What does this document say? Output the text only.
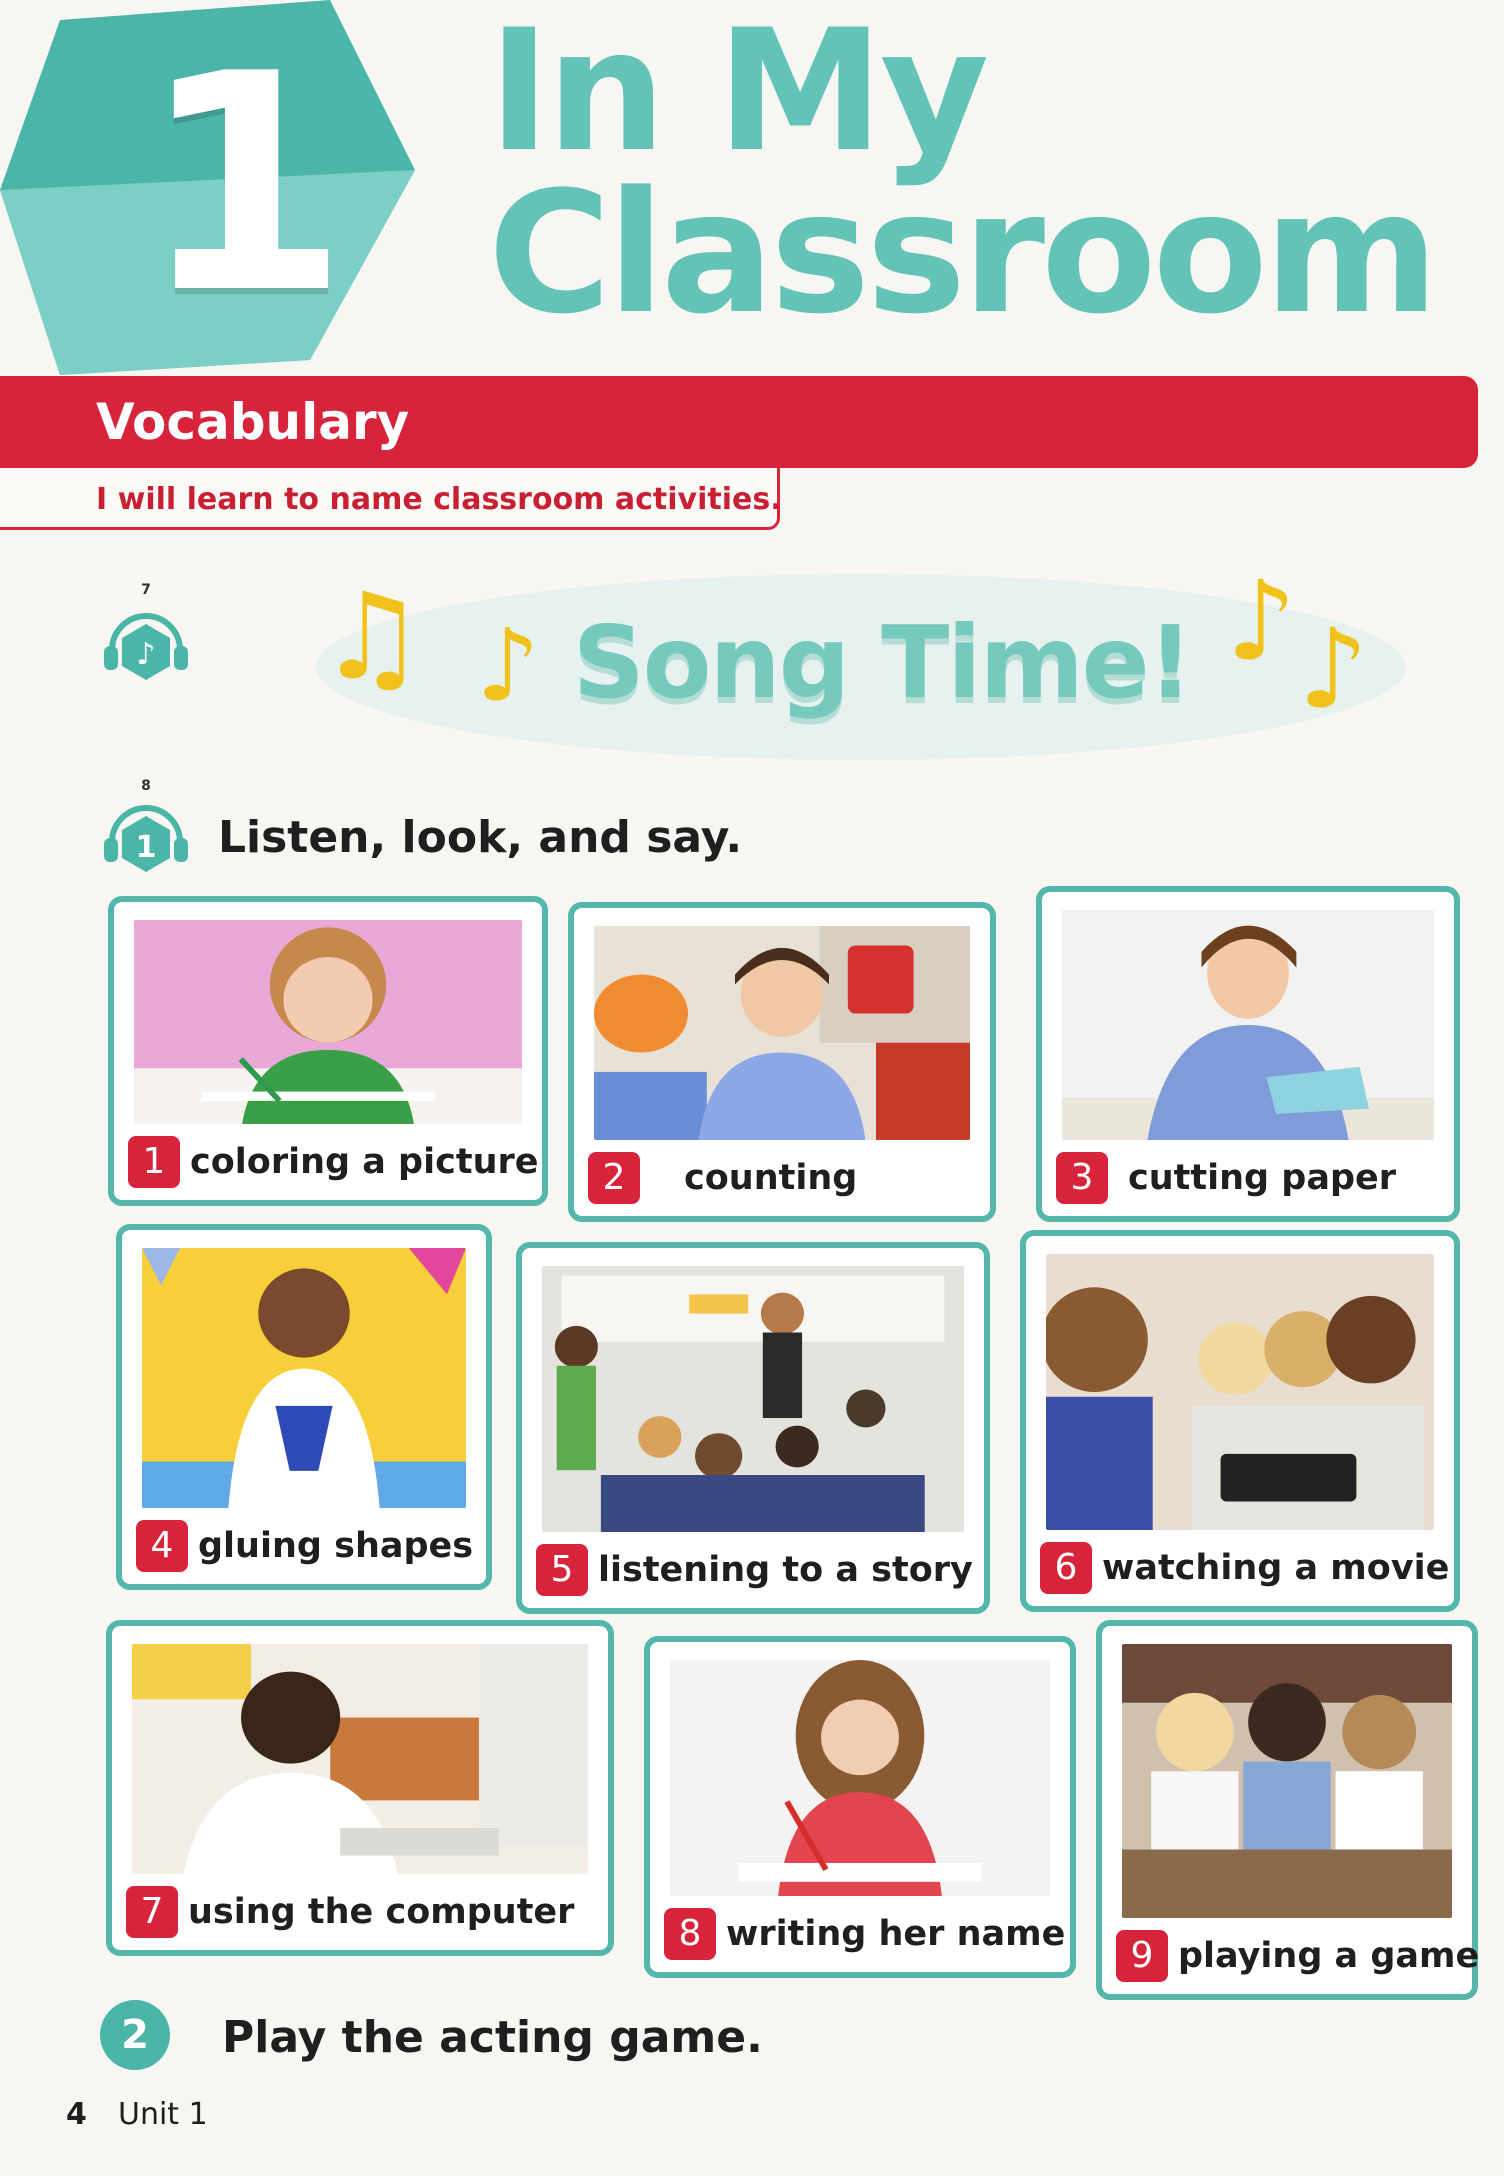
1 In My
Classroom
Vocabulary
I will learn to name classroom activities.
7
♪ ♫ ♪ Song Time! ♪ ♪
8
1 Listen, look, and say.
1 coloring a picture	2	counting	3 cutting paper
4 gluing shapes
5 listening to a story	6 watching a movie
7 using the computer
8 writing her name
9 playing a game
2	Play the acting game.
4 Unit 1
